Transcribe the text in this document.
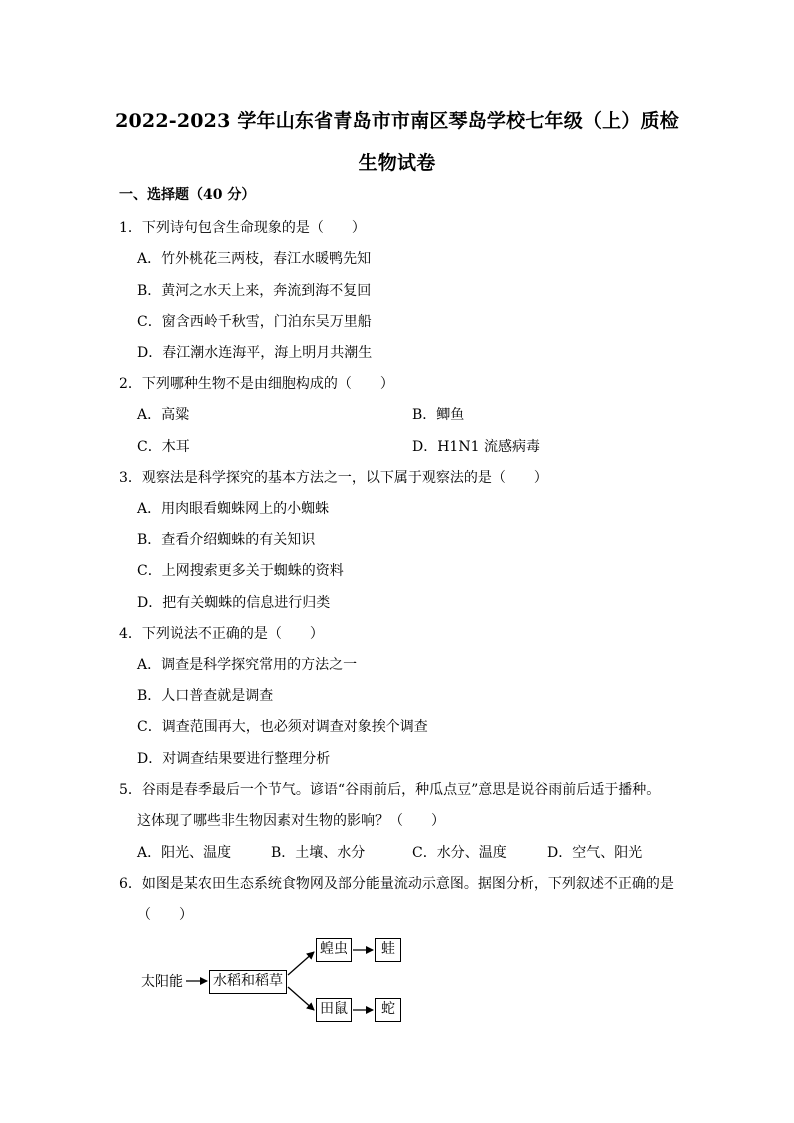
2022-2023 学年山东省青岛市市南区琴岛学校七年级（上）质检
生物试卷
一、选择题（40 分）
1．下列诗句包含生命现象的是（　　）
A．竹外桃花三两枝，春江水暖鸭先知
B．黄河之水天上来，奔流到海不复回
C．窗含西岭千秋雪，门泊东吴万里船
D．春江潮水连海平，海上明月共潮生
2．下列哪种生物不是由细胞构成的（　　）
A．高粱	B．鲫鱼
C．木耳	D．H1N1 流感病毒
3．观察法是科学探究的基本方法之一，以下属于观察法的是（　　）
A．用肉眼看蜘蛛网上的小蜘蛛
B．查看介绍蜘蛛的有关知识
C．上网搜索更多关于蜘蛛的资料
D．把有关蜘蛛的信息进行归类
4．下列说法不正确的是（　　）
A．调查是科学探究常用的方法之一
B．人口普查就是调查
C．调查范围再大，也必须对调查对象挨个调查
D．对调查结果要进行整理分析
5．谷雨是春季最后一个节气。谚语“谷雨前后，种瓜点豆”意思是说谷雨前后适于播种。
这体现了哪些非生物因素对生物的影响？（　　）
A．阳光、温度	B．土壤、水分	C．水分、温度	D．空气、阳光
6．如图是某农田生态系统食物网及部分能量流动示意图。据图分析，下列叙述不正确的是
（　　）
太阳能 水稻和稻草
蝗虫	蛙
田鼠	蛇
